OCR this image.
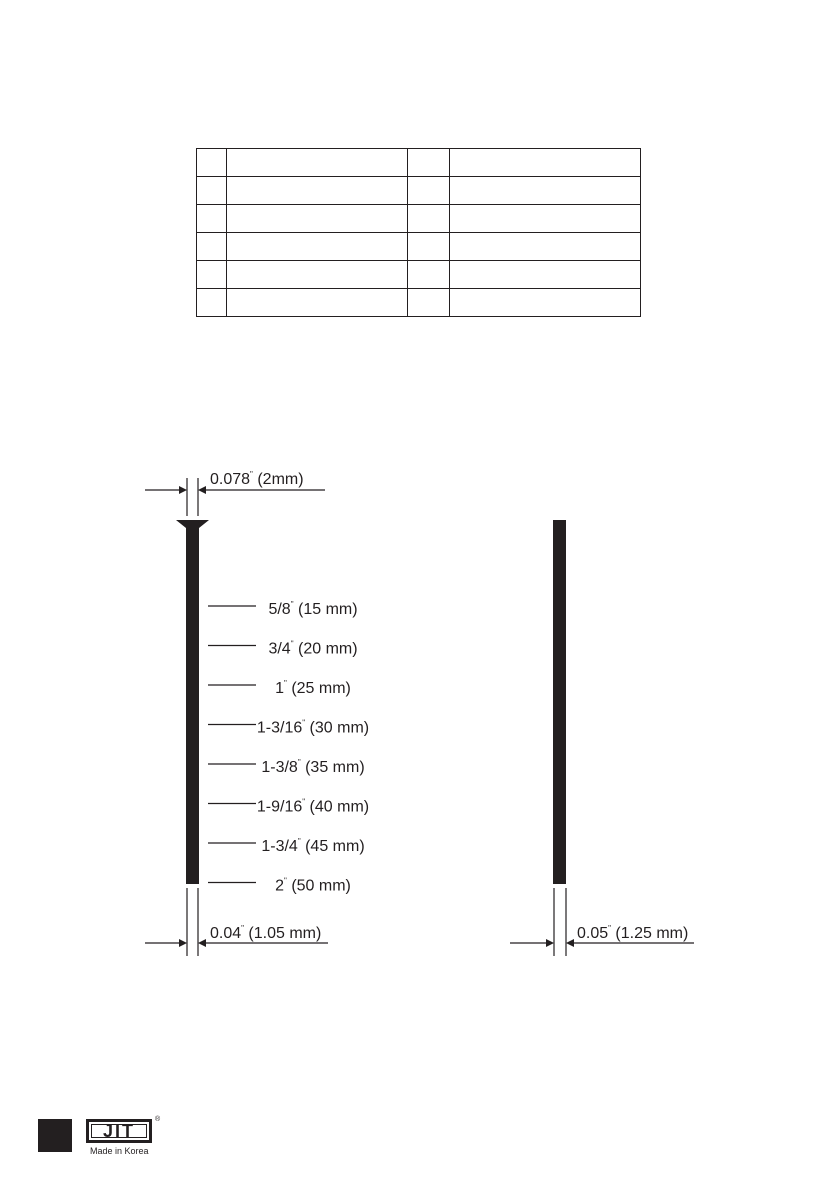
0.078" (2mm)
5/8" (15 mm)
3/4" (20 mm)
1" (25 mm)
1-3/16" (30 mm)
1-3/8" (35 mm)
1-9/16" (40 mm)
1-3/4" (45 mm)
2" (50 mm)
0.04" (1.05 mm)	0.05" (1.25 mm)
JIT
®
Made in Korea
